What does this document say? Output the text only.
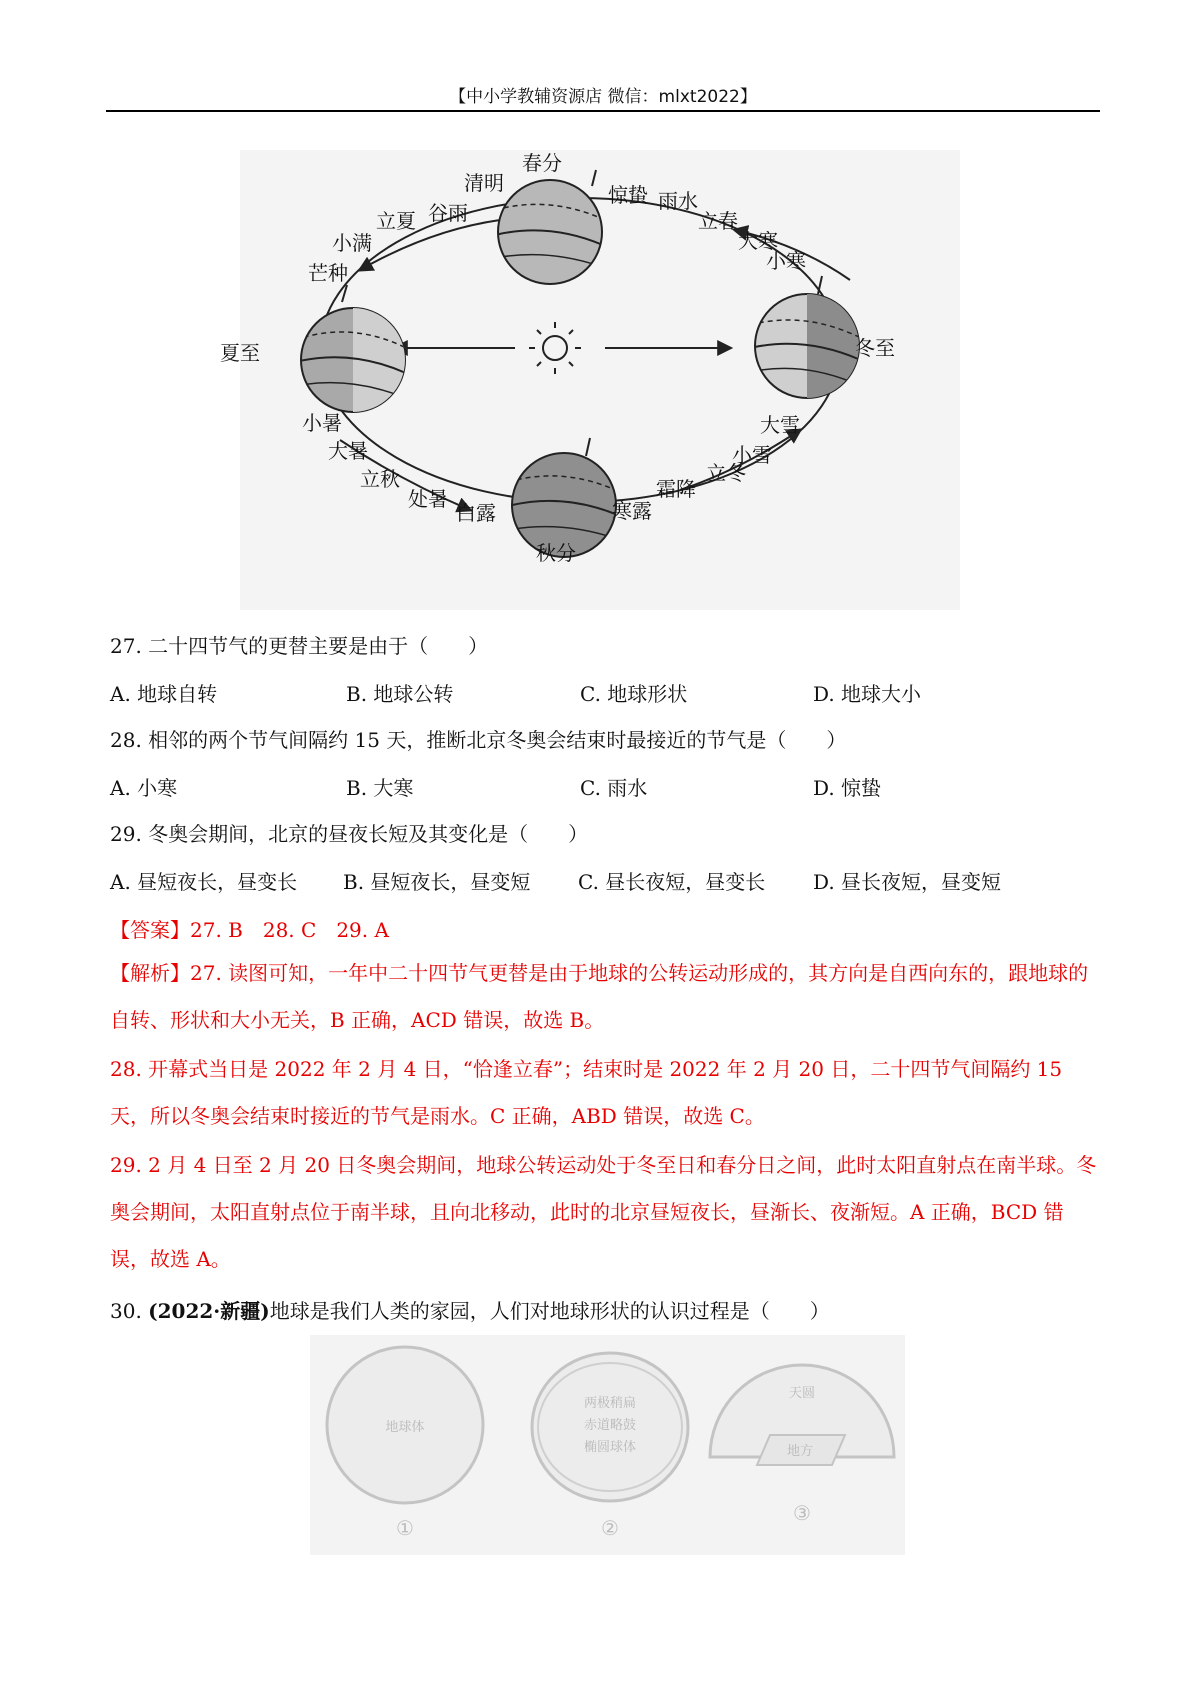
【中小学教辅资源店 微信：mlxt2022】
春分
清明	惊蛰 雨水
立春
大寒
小寒
冬至
谷雨
立夏
小满
芒种
夏至
小暑
大暑
立秋
处暑
白露
秋分
寒露
霜降
立冬
小雪
大雪
27. 二十四节气的更替主要是由于（　　）
A. 地球自转	B. 地球公转	C. 地球形状	D. 地球大小
28. 相邻的两个节气间隔约 15 天，推断北京冬奥会结束时最接近的节气是（　　）
A. 小寒	B. 大寒	C. 雨水	D. 惊蛰
29. 冬奥会期间，北京的昼夜长短及其变化是（　　）
A. 昼短夜长，昼变长 B. 昼短夜长，昼变短 C. 昼长夜短，昼变长 D. 昼长夜短，昼变短
【答案】27. B　28. C　29. A
【解析】27. 读图可知，一年中二十四节气更替是由于地球的公转运动形成的，其方向是自西向东的，跟地球的自转、形状和大小无关，B 正确，ACD 错误，故选 B。
28. 开幕式当日是 2022 年 2 月 4 日，“恰逢立春”；结束时是 2022 年 2 月 20 日，二十四节气间隔约 15 天，所以冬奥会结束时接近的节气是雨水。C 正确，ABD 错误，故选 C。
29. 2 月 4 日至 2 月 20 日冬奥会期间，地球公转运动处于冬至日和春分日之间，此时太阳直射点在南半球。冬奥会期间，太阳直射点位于南半球，且向北移动，此时的北京昼短夜长，昼渐长、夜渐短。A 正确，BCD 错误，故选 A。
30. (2022·新疆)地球是我们人类的家园，人们对地球形状的认识过程是（　　）
地球体
①
两极稍扁
赤道略鼓
椭圆球体
②
天圆
地方
③
